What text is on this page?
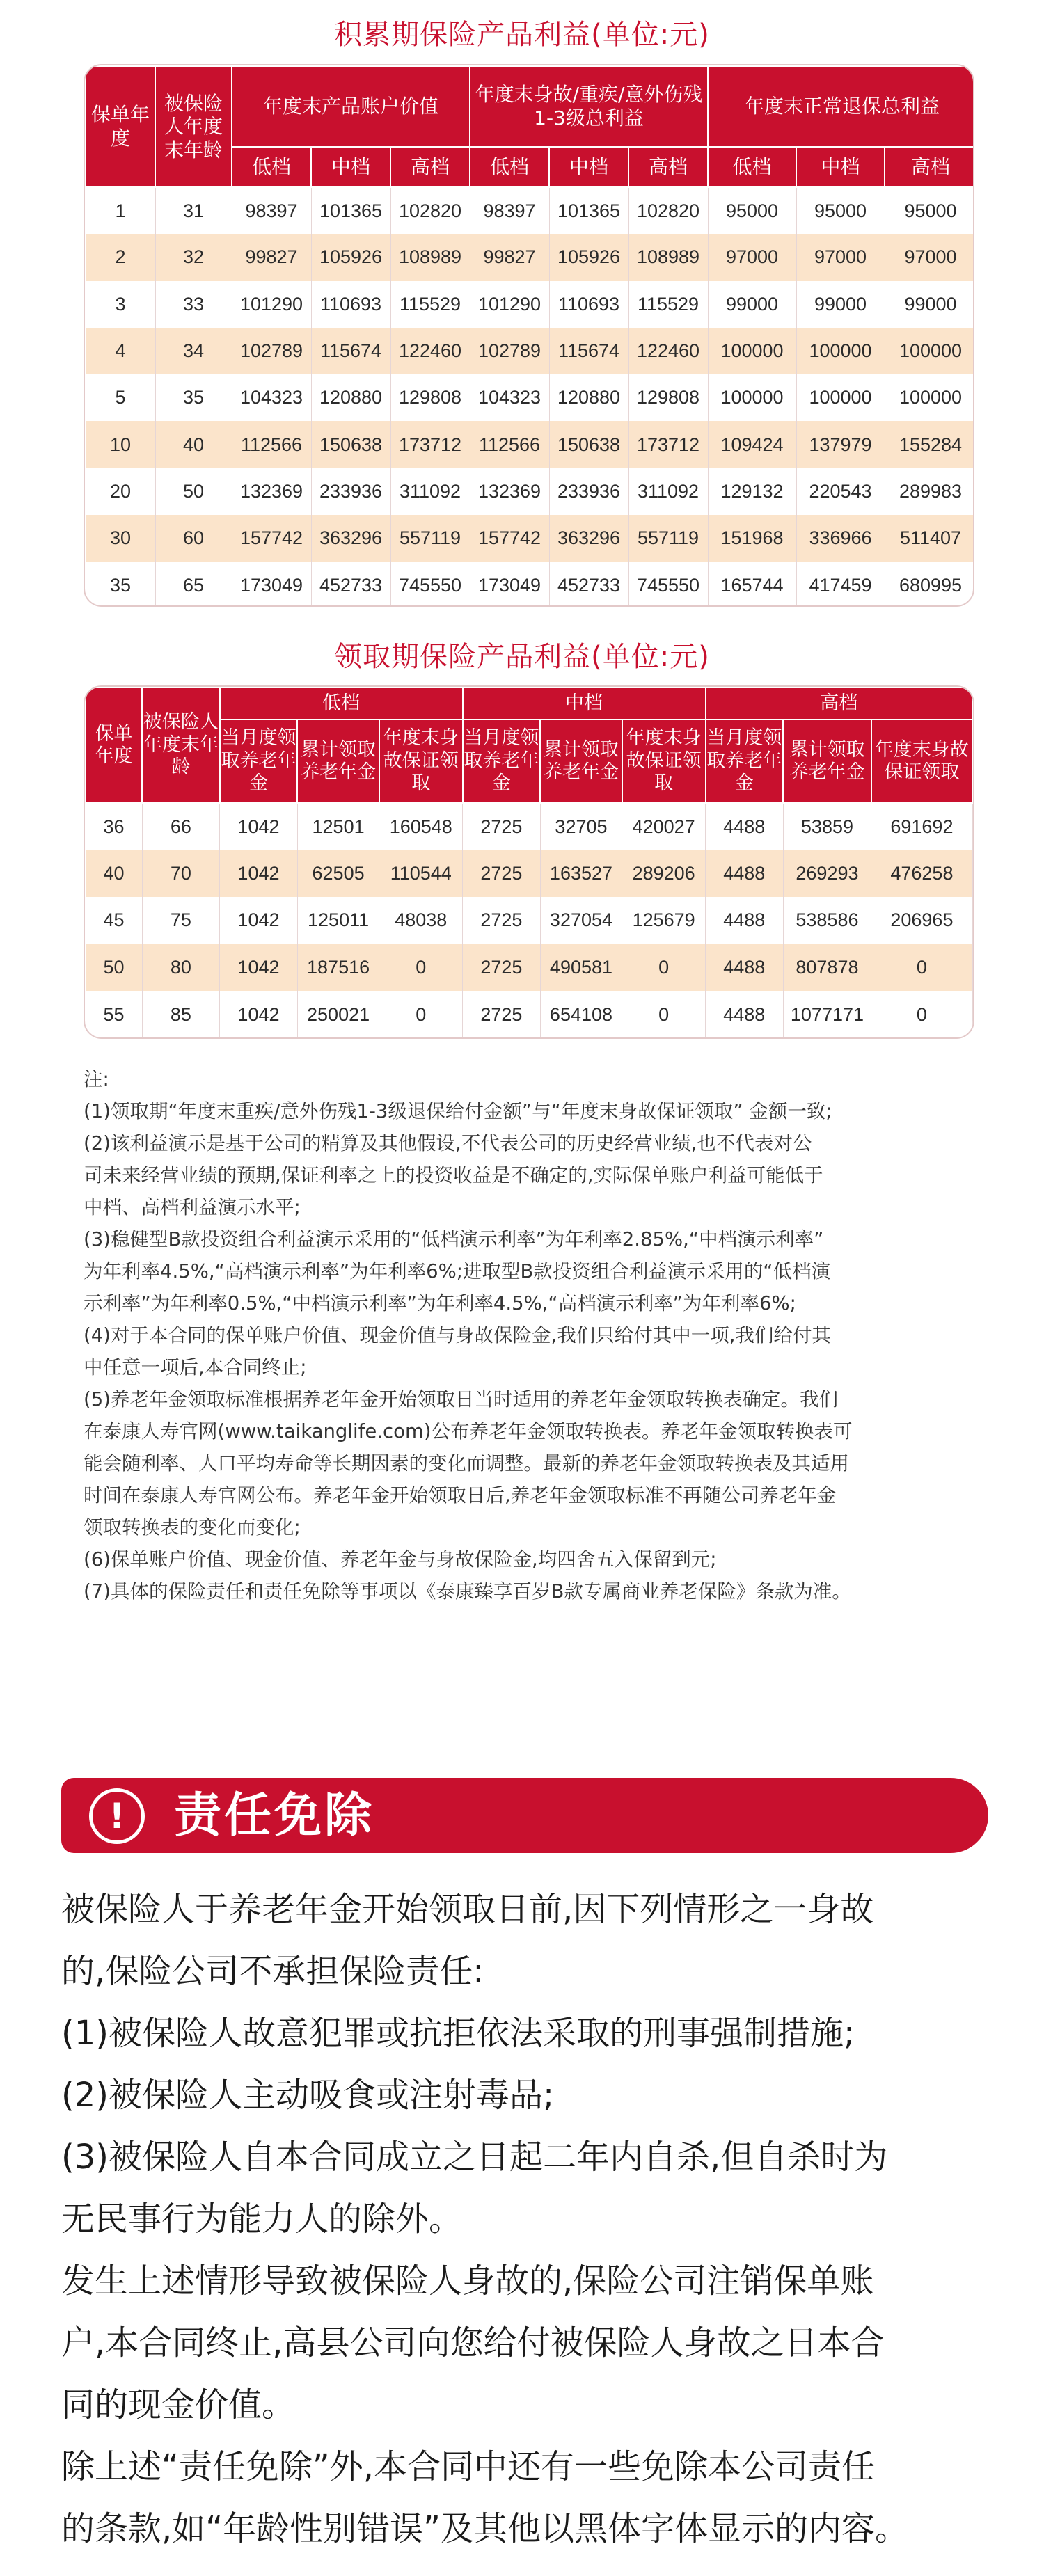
积累期保险产品利益(单位:元)
保单年度	被保险人年度末年龄	年度末产品账户价值			年度末身故/重疾/意外伤残1-3级总利益			年度末正常退保总利益		
		低档	中档	高档	低档	中档	高档	低档	中档	高档
1	31	98397	101365	102820	98397	101365	102820	95000	95000	95000
2	32	99827	105926	108989	99827	105926	108989	97000	97000	97000
3	33	101290	110693	115529	101290	110693	115529	99000	99000	99000
4	34	102789	115674	122460	102789	115674	122460	100000	100000	100000
5	35	104323	120880	129808	104323	120880	129808	100000	100000	100000
10	40	112566	150638	173712	112566	150638	173712	109424	137979	155284
20	50	132369	233936	311092	132369	233936	311092	129132	220543	289983
30	60	157742	363296	557119	157742	363296	557119	151968	336966	511407
35	65	173049	452733	745550	173049	452733	745550	165744	417459	680995
领取期保险产品利益(单位:元)
保单年度	被保险人年度末年龄	低档			中档			高档		
		当月度领取养老年金	累计领取养老年金	年度末身故保证领取	当月度领取养老年金	累计领取养老年金	年度末身故保证领取	当月度领取养老年金	累计领取养老年金	年度末身故保证领取
36	66	1042	12501	160548	2725	32705	420027	4488	53859	691692
40	70	1042	62505	110544	2725	163527	289206	4488	269293	476258
45	75	1042	125011	48038	2725	327054	125679	4488	538586	206965
50	80	1042	187516	0	2725	490581	0	4488	807878	0
55	85	1042	250021	0	2725	654108	0	4488	1077171	0

注:

(1)领取期“年度末重疾/意外伤残1-3级退保给付金额”与“年度末身故保证领取” 金额一致;

(2)该利益演示是基于公司的精算及其他假设,不代表公司的历史经营业绩,也不代表对公

司未来经营业绩的预期,保证利率之上的投资收益是不确定的,实际保单账户利益可能低于

中档、高档利益演示水平;

(3)稳健型B款投资组合利益演示采用的“低档演示利率”为年利率2.85%,“中档演示利率”

为年利率4.5%,“高档演示利率”为年利率6%;进取型B款投资组合利益演示采用的“低档演

示利率”为年利率0.5%,“中档演示利率”为年利率4.5%,“高档演示利率”为年利率6%;

(4)对于本合同的保单账户价值、现金价值与身故保险金,我们只给付其中一项,我们给付其

中任意一项后,本合同终止;

(5)养老年金领取标准根据养老年金开始领取日当时适用的养老年金领取转换表确定。我们

在泰康人寿官网(www.taikanglife.com)公布养老年金领取转换表。养老年金领取转换表可

能会随利率、人口平均寿命等长期因素的变化而调整。最新的养老年金领取转换表及其适用

时间在泰康人寿官网公布。养老年金开始领取日后,养老年金领取标准不再随公司养老年金

领取转换表的变化而变化;

(6)保单账户价值、现金价值、养老年金与身故保险金,均四舍五入保留到元;

(7)具体的保险责任和责任免除等事项以《泰康臻享百岁B款专属商业养老保险》条款为准。

!	责任免除

被保险人于养老年金开始领取日前,因下列情形之一身故

的,保险公司不承担保险责任:

(1)被保险人故意犯罪或抗拒依法采取的刑事强制措施;

(2)被保险人主动吸食或注射毒品;

(3)被保险人自本合同成立之日起二年内自杀,但自杀时为

无民事行为能力人的除外。

发生上述情形导致被保险人身故的,保险公司注销保单账

户,本合同终止,高县公司向您给付被保险人身故之日本合

同的现金价值。

除上述“责任免除”外,本合同中还有一些免除本公司责任

的条款,如“年龄性别错误”及其他以黑体字体显示的内容。
